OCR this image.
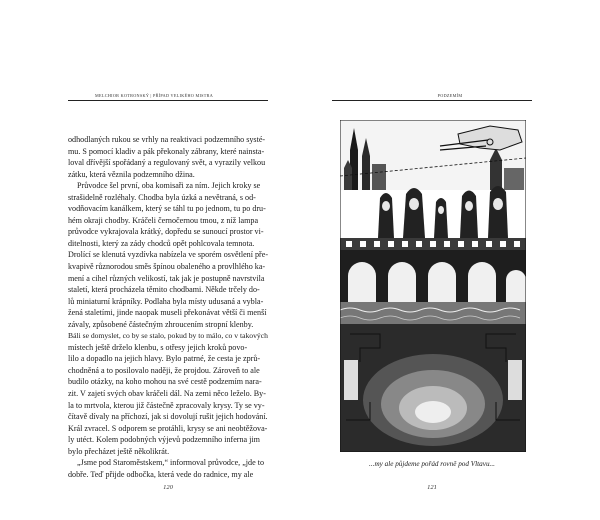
MELCHIOR KOTRONSKÝ | PŘÍPAD VELIKÉHO MISTRA
odhodlaných rukou se vrhly na reaktivaci podzemního systé-
mu. S pomocí kladiv a pák překonaly zábrany, které nainsta-
loval dřívější spořádaný a regulovaný svět, a vyrazily velkou
zátku, která věznila podzemního džina.
Průvodce šel první, oba komisaři za ním. Jejich kroky se
strašidelně rozléhaly. Chodba byla úzká a nevětraná, s od-
vodňovacím kanálkem, který se táhl tu po jednom, tu po dru-
hém okraji chodby. Kráčeli černočernou tmou, z níž lampa
průvodce vykrajovala krátký, dopředu se sunoucí prostor vi-
ditelnosti, který za zády chodců opět pohlcovala temnota.
Drolící se klenutá vyzdívka nabízela ve sporém osvětlení pře-
kvapivě různorodou směs špínou obaleného a provlhlého ka-
mení a cihel různých velikostí, tak jak je postupně navrstvila
staletí, která procházela těmito chodbami. Někde trčely do-
lů miniaturní krápníky. Podlaha byla místy udusaná a vybla-
žená staletími, jinde naopak museli překonávat větší či menší
závaly, způsobené částečným zhroucením stropní klenby.
Báli se domyslet, co by se stalo, pokud by to málo, co v takových
místech ještě drželo klenbu, s otřesy jejich kroků povo-
lilo a dopadlo na jejich hlavy. Bylo patrné, že cesta je zprů-
chodněná a to posilovalo naději, že projdou. Zároveň to ale
budilo otázky, na koho mohou na své cestě podzemím nara-
zit. V zajetí svých obav kráčeli dál. Na zemi něco leželo. By-
la to mrtvola, kterou již částečně zpracovaly krysy. Ty se vy-
čítavě dívaly na příchozí, jak si dovolují rušit jejich hodování.
Král zvracel. S odporem se protáhli, krysy se ani neobtěžova-
ly utéct. Kolem podobných výjevů podzemního inferna jim
bylo přecházet ještě několikrát.
„Jsme pod Staroměstskem,“ informoval průvodce, „jde to
dobře. Teď přijde odbočka, která vede do radnice, my ale
120
PODZEMÍM
...my ale půjdeme pořád rovně pod Vltavu...
121
